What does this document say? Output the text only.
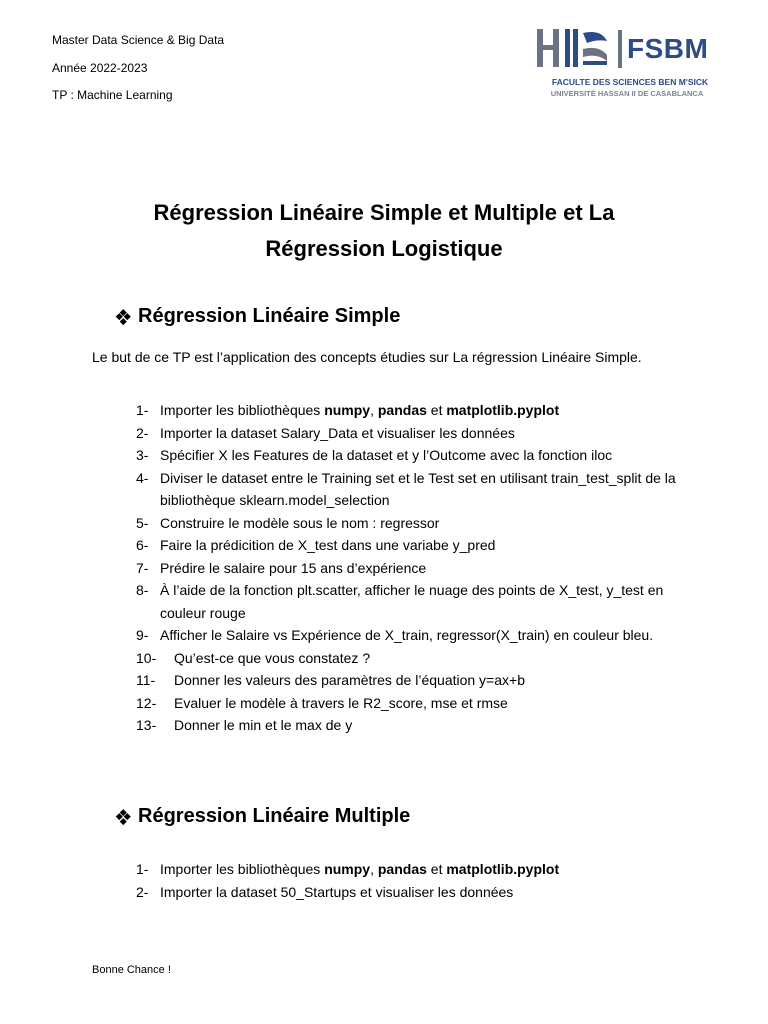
Master Data Science & Big Data
Année 2022-2023
TP : Machine Learning
FSBM
FACULTE DES SCIENCES BEN M'SICK
UNIVERSITÉ HASSAN II DE CASABLANCA
Régression Linéaire Simple et Multiple et La
Régression Logistique
Régression Linéaire Simple
Le but de ce TP est l’application des concepts étudies sur La régression Linéaire Simple.
1- Importer les bibliothèques numpy, pandas et matplotlib.pyplot
2- Importer la dataset Salary_Data et visualiser les données
3- Spécifier X les Features de la dataset et y l’Outcome avec la fonction iloc
4- Diviser le dataset entre le Training set et le Test set en utilisant train_test_split de la bibliothèque sklearn.model_selection
5- Construire le modèle sous le nom : regressor
6- Faire la prédicition de X_test dans une variabe y_pred
7- Prédire le salaire pour 15 ans d’expérience
8- À l’aide de la fonction plt.scatter, afficher le nuage des points de X_test, y_test en couleur rouge
9- Afficher le Salaire vs Expérience de X_train, regressor(X_train) en couleur bleu.
10-	Qu’est-ce que vous constatez ?
11-	Donner les valeurs des paramètres de l’équation y=ax+b
12-	Evaluer le modèle à travers le R2_score, mse et rmse
13-	Donner le min et le max de y
Régression Linéaire Multiple
1- Importer les bibliothèques numpy, pandas et matplotlib.pyplot
2- Importer la dataset 50_Startups et visualiser les données
Bonne Chance !
